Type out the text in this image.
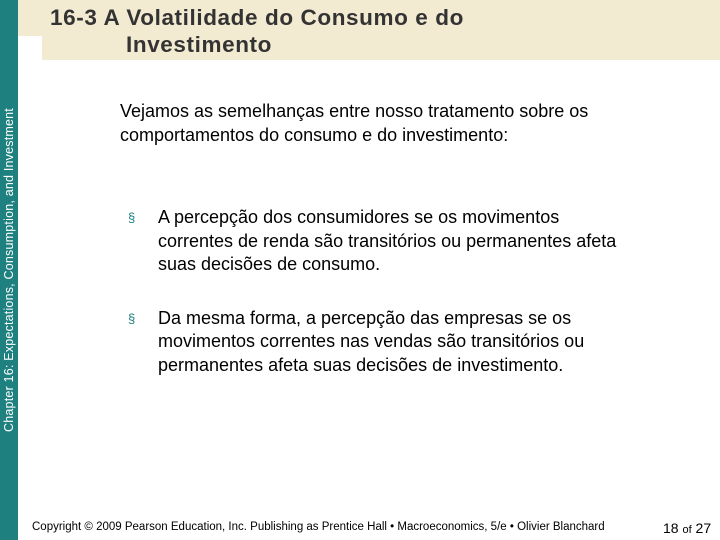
Chapter 16: Expectations, Consumption, and Investment
16-3 A Volatilidade do Consumo e do
Investimento
Vejamos as semelhanças entre nosso tratamento sobre os comportamentos do consumo e do investimento:
§	A percepção dos consumidores se os movimentos correntes de renda são transitórios ou permanentes afeta suas decisões de consumo.
§	Da mesma forma, a percepção das empresas se os movimentos correntes nas vendas são transitórios ou permanentes afeta suas decisões de investimento.
Copyright © 2009 Pearson Education, Inc. Publishing as Prentice Hall • Macroeconomics, 5/e • Olivier Blanchard	18 of 27
